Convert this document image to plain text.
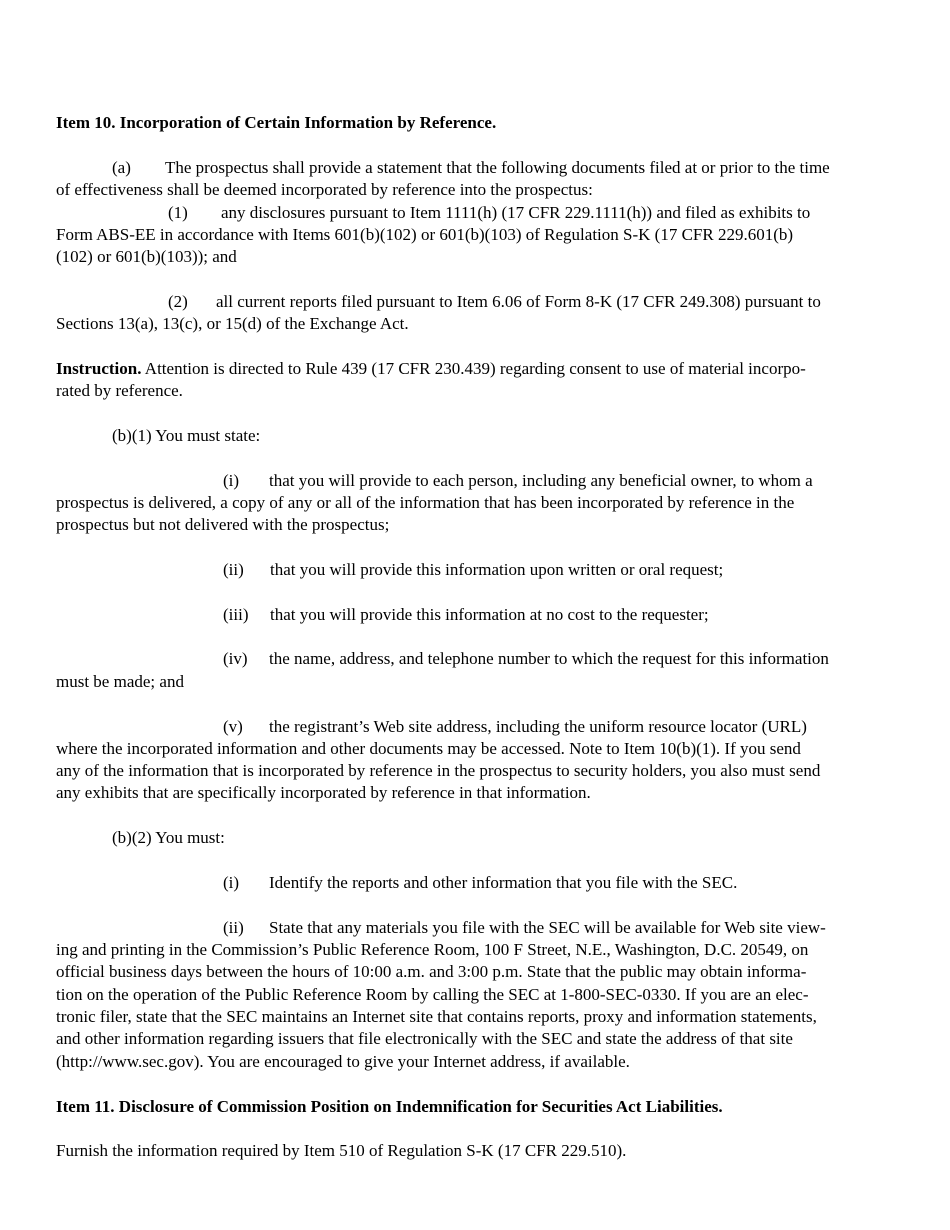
Item 10. Incorporation of Certain Information by Reference.
(a) The prospectus shall provide a statement that the following documents filed at or prior to the time
of effectiveness shall be deemed incorporated by reference into the prospectus:
(1) any disclosures pursuant to Item 1111(h) (17 CFR 229.1111(h)) and filed as exhibits to
Form ABS-EE in accordance with Items 601(b)(102) or 601(b)(103) of Regulation S-K (17 CFR 229.601(b)
(102) or 601(b)(103)); and
(2) all current reports filed pursuant to Item 6.06 of Form 8-K (17 CFR 249.308) pursuant to
Sections 13(a), 13(c), or 15(d) of the Exchange Act.
Instruction. Attention is directed to Rule 439 (17 CFR 230.439) regarding consent to use of material incorpo-
rated by reference.
(b)(1) You must state:
(i) that you will provide to each person, including any beneficial owner, to whom a
prospectus is delivered, a copy of any or all of the information that has been incorporated by reference in the
prospectus but not delivered with the prospectus;
(ii) that you will provide this information upon written or oral request;
(iii) that you will provide this information at no cost to the requester;
(iv) the name, address, and telephone number to which the request for this information
must be made; and
(v) the registrant’s Web site address, including the uniform resource locator (URL)
where the incorporated information and other documents may be accessed. Note to Item 10(b)(1). If you send
any of the information that is incorporated by reference in the prospectus to security holders, you also must send
any exhibits that are specifically incorporated by reference in that information.
(b)(2) You must:
(i) Identify the reports and other information that you file with the SEC.
(ii) State that any materials you file with the SEC will be available for Web site view-
ing and printing in the Commission’s Public Reference Room, 100 F Street, N.E., Washington, D.C. 20549, on
official business days between the hours of 10:00 a.m. and 3:00 p.m. State that the public may obtain informa-
tion on the operation of the Public Reference Room by calling the SEC at 1-800-SEC-0330. If you are an elec-
tronic filer, state that the SEC maintains an Internet site that contains reports, proxy and information statements,
and other information regarding issuers that file electronically with the SEC and state the address of that site
(http://www.sec.gov). You are encouraged to give your Internet address, if available.
Item 11. Disclosure of Commission Position on Indemnification for Securities Act Liabilities.
Furnish the information required by Item 510 of Regulation S-K (17 CFR 229.510).
